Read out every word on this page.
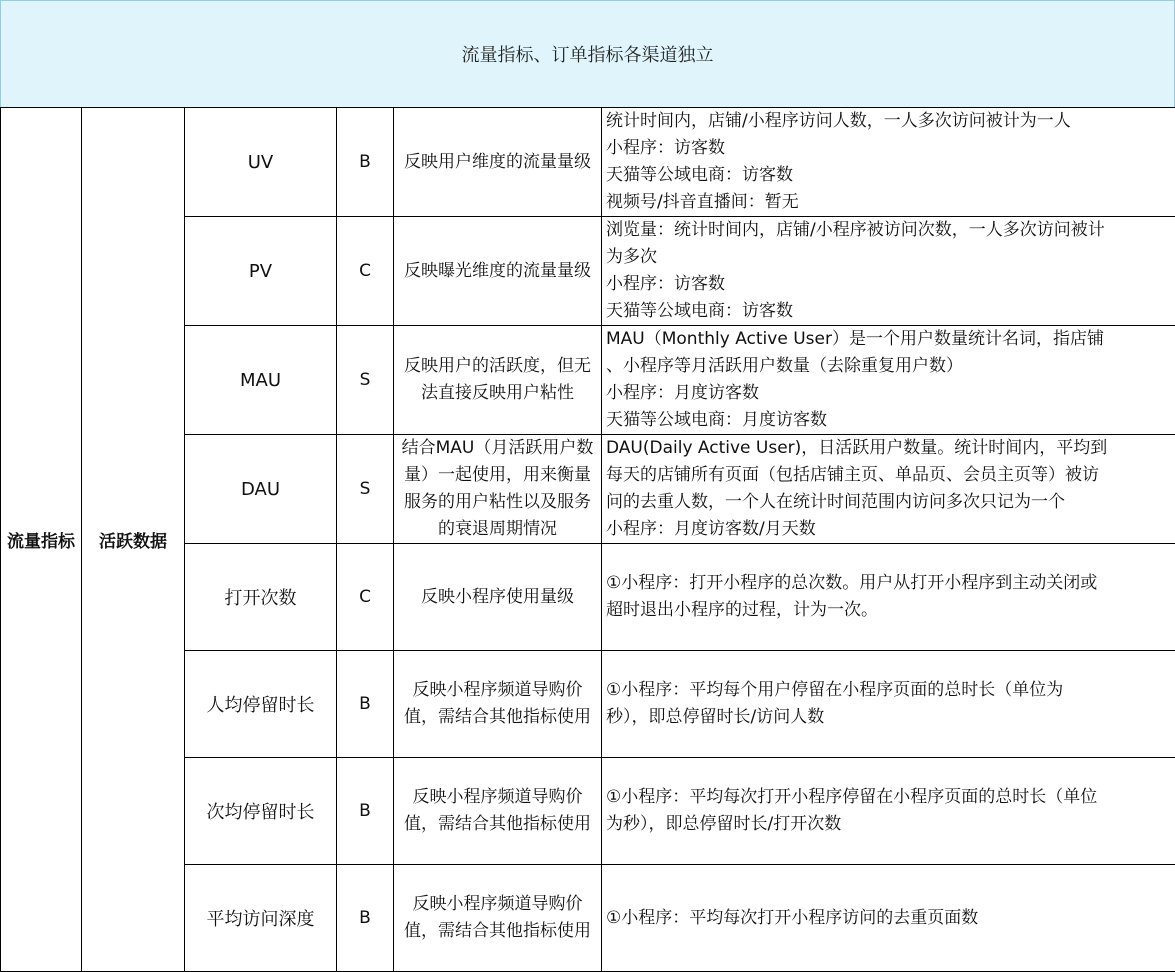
流量指标、订单指标各渠道独立
流量指标	活跃数据	UV	B	反映用户维度的流量量级	统计时间内，店铺/小程序访问人数，一人多次访问被计为一人
小程序：访客数
天猫等公域电商：访客数
视频号/抖音直播间：暂无

		PV	C	反映曝光维度的流量量级	浏览量：统计时间内，店铺/小程序被访问次数，一人多次访问被计
为多次
小程序：访客数
天猫等公域电商：访客数

		MAU	S	反映用户的活跃度，但无法直接反映用户粘性	MAU（Monthly Active User）是一个用户数量统计名词，指店铺
、小程序等月活跃用户数量（去除重复用户数）
小程序：月度访客数
天猫等公域电商：月度访客数

		DAU	S	结合MAU（月活跃用户数量）一起使用，用来衡量服务的用户粘性以及服务的衰退周期情况	DAU(Daily Active User)，日活跃用户数量。统计时间内，平均到
每天的店铺所有页面（包括店铺主页、单品页、会员主页等）被访
问的去重人数，一个人在统计时间范围内访问多次只记为一个
小程序：月度访客数/月天数

		打开次数	C	反映小程序使用量级	①小程序：打开小程序的总次数。用户从打开小程序到主动关闭或
超时退出小程序的过程，计为一次。

		人均停留时长	B	反映小程序频道导购价值，需结合其他指标使用	①小程序：平均每个用户停留在小程序页面的总时长（单位为
秒），即总停留时长/访问人数

		次均停留时长	B	反映小程序频道导购价值，需结合其他指标使用	①小程序：平均每次打开小程序停留在小程序页面的总时长（单位
为秒），即总停留时长/打开次数

		平均访问深度	B	反映小程序频道导购价值，需结合其他指标使用	①小程序：平均每次打开小程序访问的去重页面数
